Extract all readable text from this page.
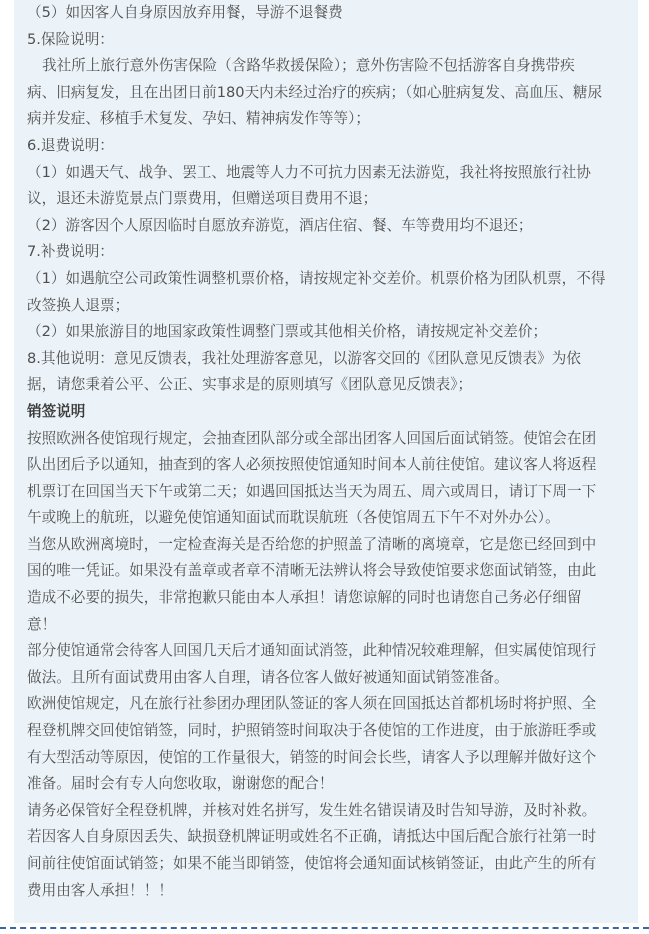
（5）如因客人自身原因放弃用餐，导游不退餐费
5.保险说明：
我社所上旅行意外伤害保险（含路华救援保险）；意外伤害险不包括游客自身携带疾
病、旧病复发，且在出团日前180天内未经过治疗的疾病；（如心脏病复发、高血压、糖尿
病并发症、移植手术复发、孕妇、精神病发作等等）；
6.退费说明：
（1）如遇天气、战争、罢工、地震等人力不可抗力因素无法游览，我社将按照旅行社协
议，退还未游览景点门票费用，但赠送项目费用不退；
（2）游客因个人原因临时自愿放弃游览，酒店住宿、餐、车等费用均不退还；
7.补费说明：
（1）如遇航空公司政策性调整机票价格，请按规定补交差价。机票价格为团队机票，不得
改签换人退票；
（2）如果旅游目的地国家政策性调整门票或其他相关价格，请按规定补交差价；
8.其他说明：意见反馈表，我社处理游客意见，以游客交回的《团队意见反馈表》为依
据，请您秉着公平、公正、实事求是的原则填写《团队意见反馈表》；
销签说明
按照欧洲各使馆现行规定，会抽查团队部分或全部出团客人回国后面试销签。使馆会在团
队出团后予以通知，抽查到的客人必须按照使馆通知时间本人前往使馆。建议客人将返程
机票订在回国当天下午或第二天；如遇回国抵达当天为周五、周六或周日，请订下周一下
午或晚上的航班，以避免使馆通知面试而耽误航班（各使馆周五下午不对外办公）。
当您从欧洲离境时，一定检查海关是否给您的护照盖了清晰的离境章，它是您已经回到中
国的唯一凭证。如果没有盖章或者章不清晰无法辨认将会导致使馆要求您面试销签，由此
造成不必要的损失，非常抱歉只能由本人承担！请您谅解的同时也请您自己务必仔细留
意！
部分使馆通常会待客人回国几天后才通知面试消签，此种情况较难理解，但实属使馆现行
做法。且所有面试费用由客人自理，请各位客人做好被通知面试销签准备。
欧洲使馆规定，凡在旅行社参团办理团队签证的客人须在回国抵达首都机场时将护照、全
程登机牌交回使馆销签，同时，护照销签时间取决于各使馆的工作进度，由于旅游旺季或
有大型活动等原因，使馆的工作量很大，销签的时间会长些，请客人予以理解并做好这个
准备。届时会有专人向您收取，谢谢您的配合！
请务必保管好全程登机牌，并核对姓名拼写，发生姓名错误请及时告知导游，及时补救。
若因客人自身原因丢失、缺损登机牌证明或姓名不正确，请抵达中国后配合旅行社第一时
间前往使馆面试销签；如果不能当即销签，使馆将会通知面试核销签证，由此产生的所有
费用由客人承担！！！
